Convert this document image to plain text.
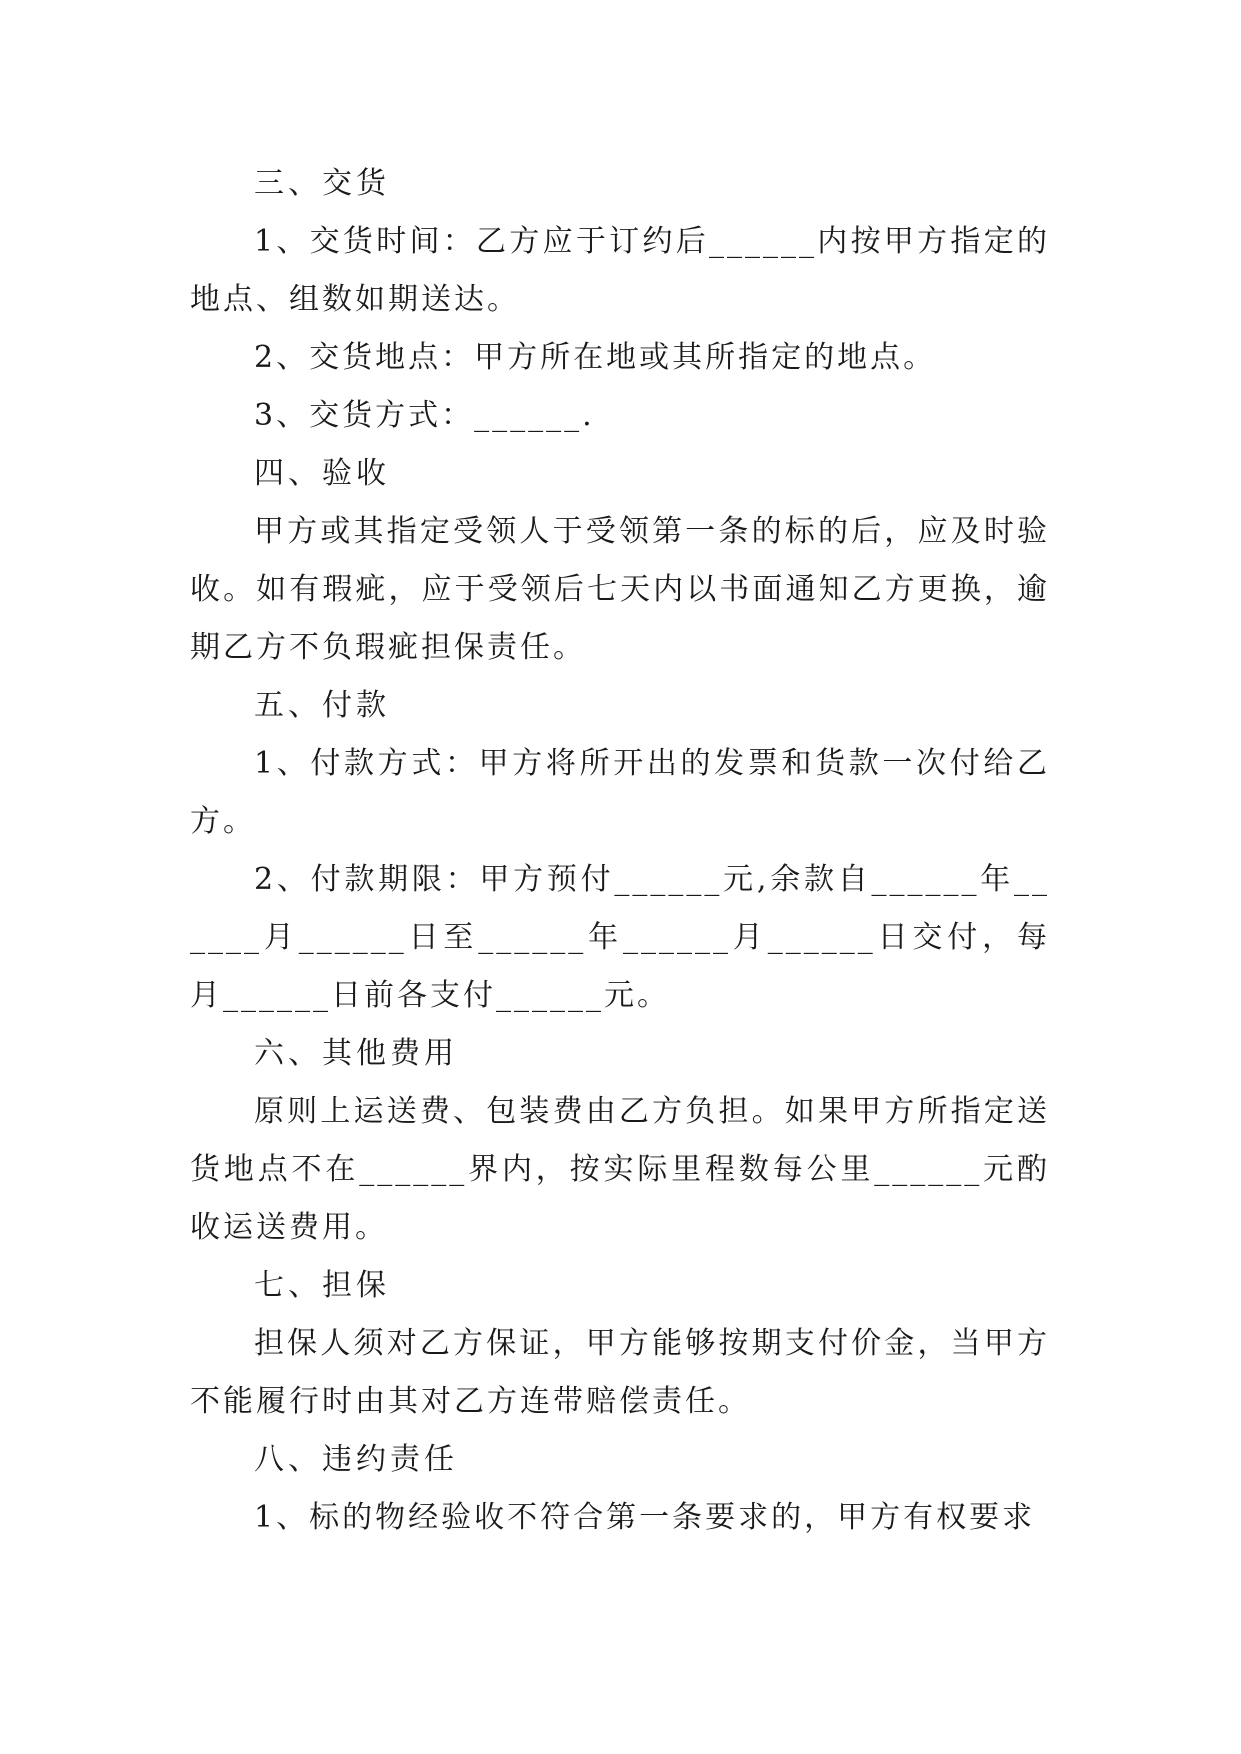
三、交货

1、交货时间：乙方应于订约后______内按甲方指定的地点、组数如期送达。

2、交货地点：甲方所在地或其所指定的地点。

3、交货方式：______.

四、验收

甲方或其指定受领人于受领第一条的标的后，应及时验收。如有瑕疵，应于受领后七天内以书面通知乙方更换，逾期乙方不负瑕疵担保责任。

五、付款

1、付款方式：甲方将所开出的发票和货款一次付给乙方。

2、付款期限：甲方预付______元,余款自______年______月______日至______年______月______日交付，每月______日前各支付______元。

六、其他费用

原则上运送费、包装费由乙方负担。如果甲方所指定送货地点不在______界内，按实际里程数每公里______元酌收运送费用。

七、担保

担保人须对乙方保证，甲方能够按期支付价金，当甲方不能履行时由其对乙方连带赔偿责任。

八、违约责任

1、标的物经验收不符合第一条要求的，甲方有权要求
